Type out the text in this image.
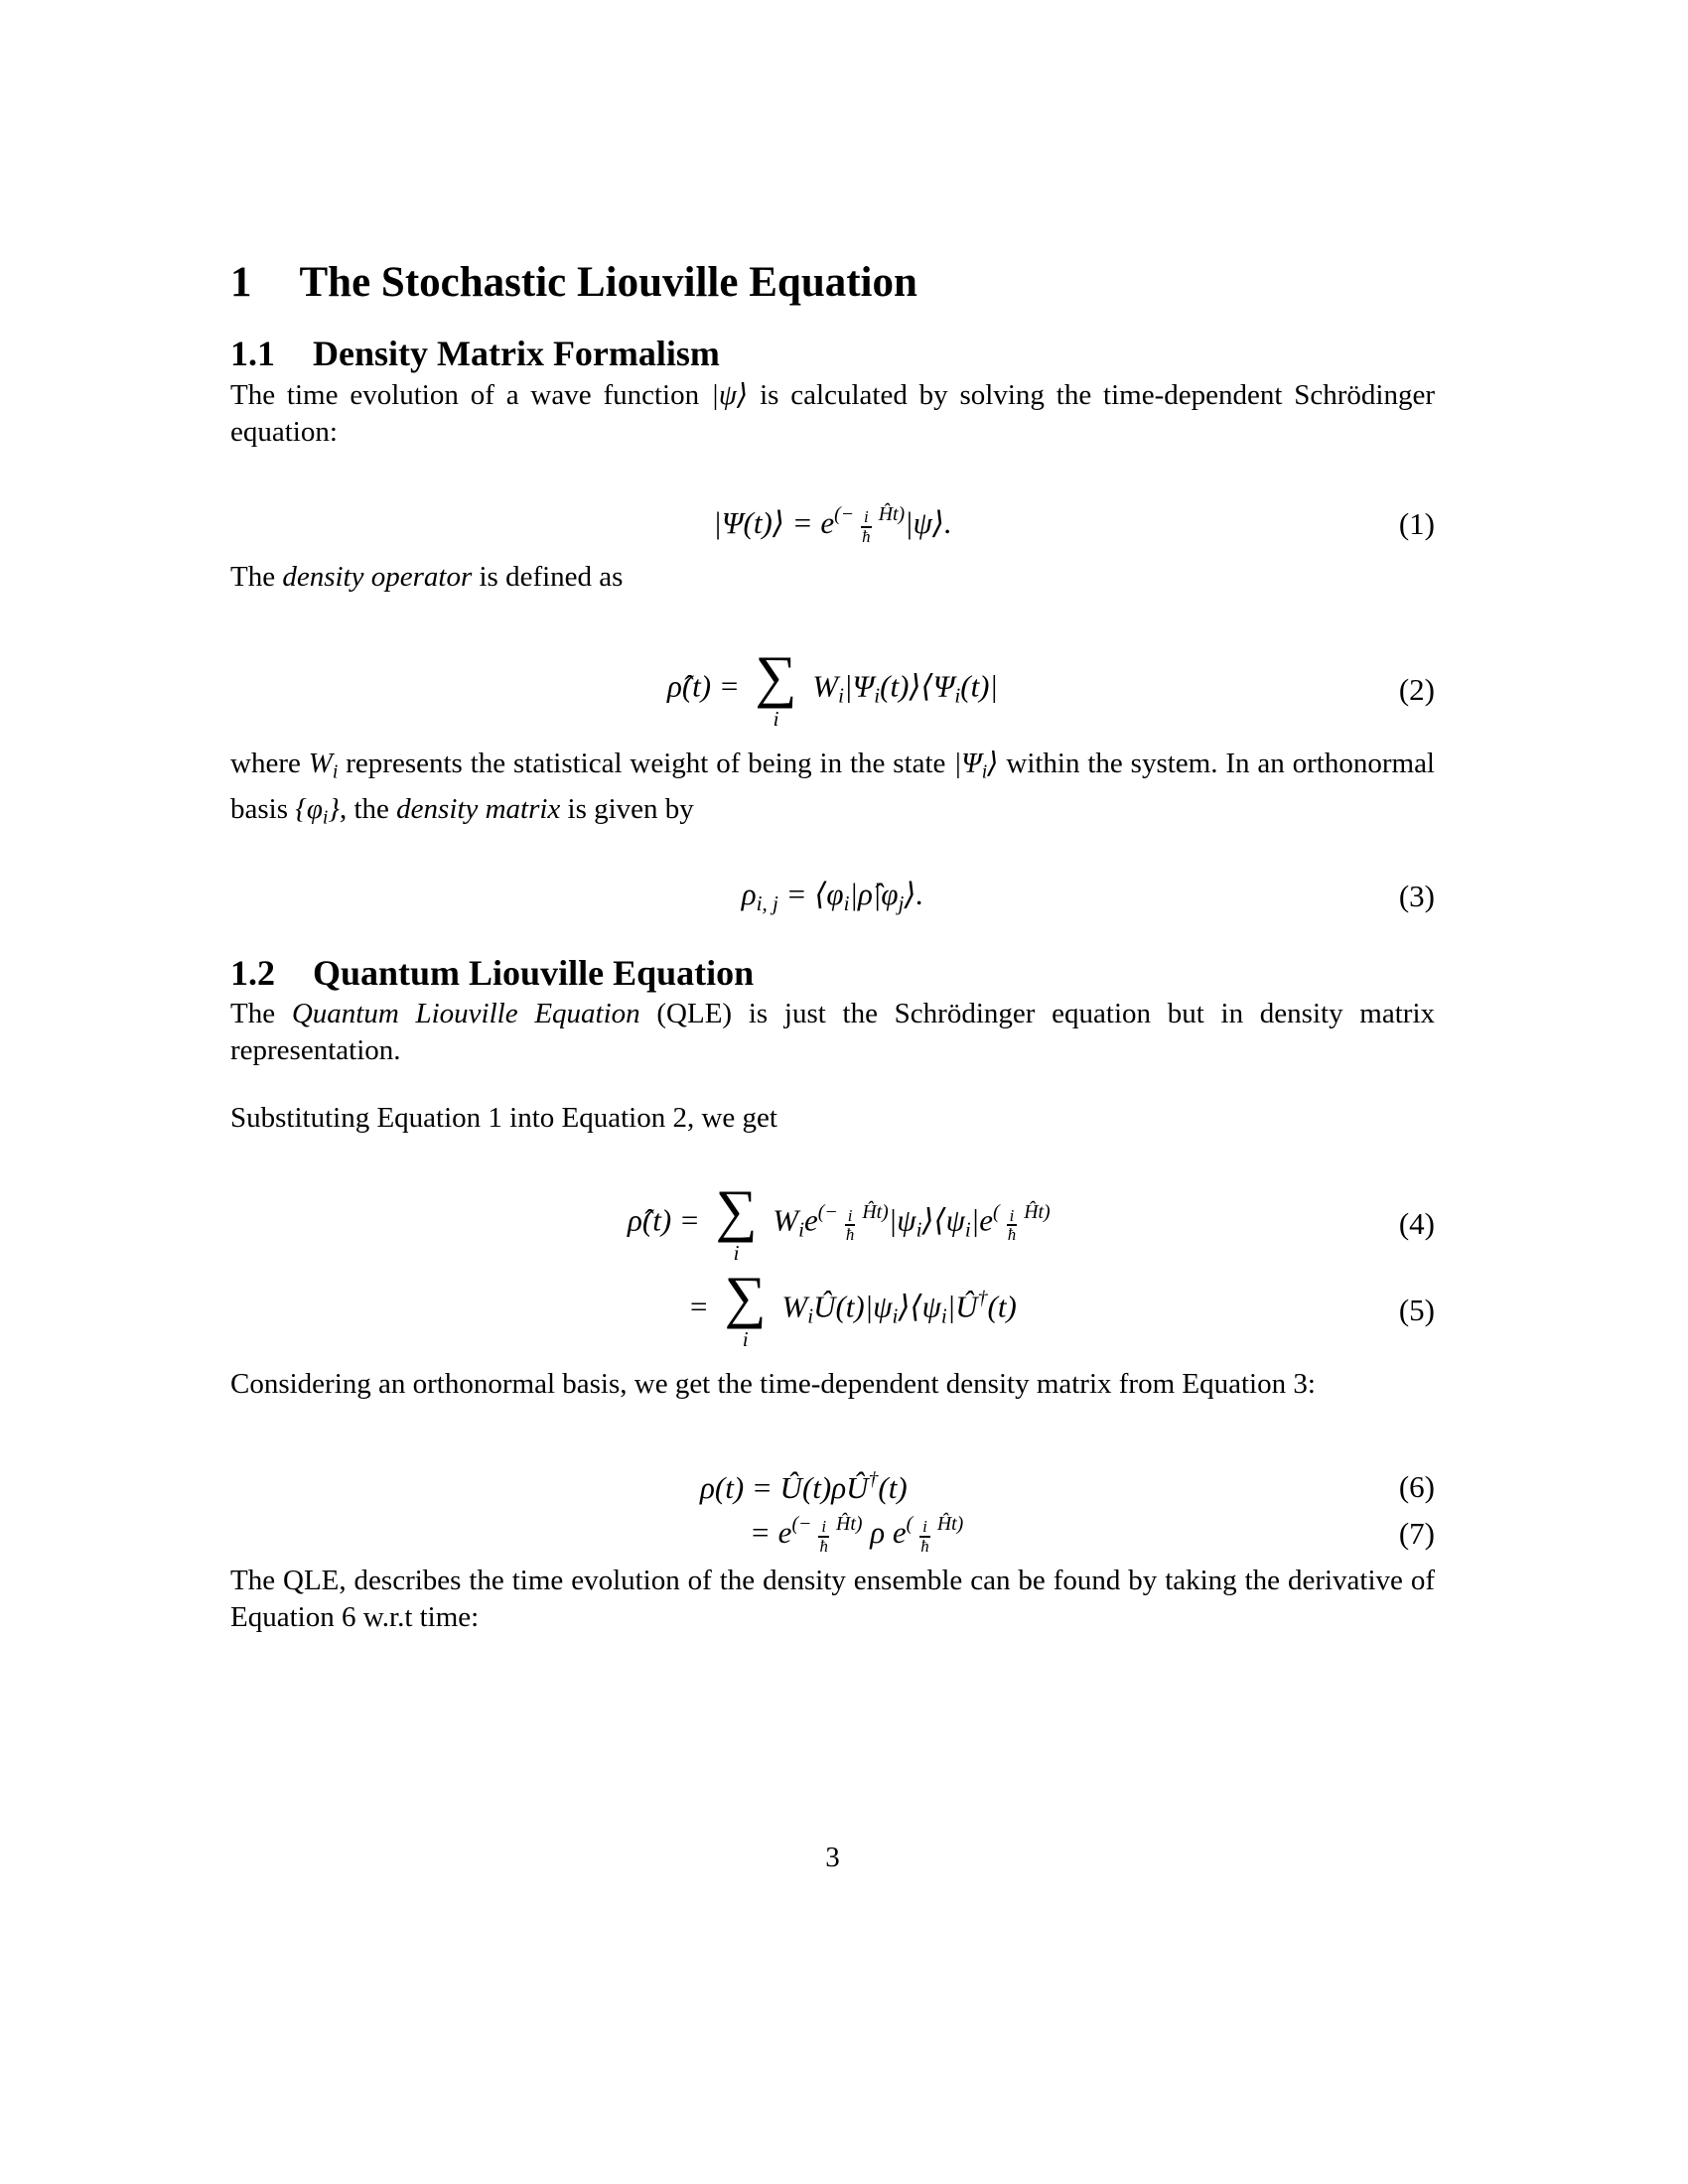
1 The Stochastic Liouville Equation
1.1 Density Matrix Formalism
The time evolution of a wave function |ψ⟩ is calculated by solving the time-dependent Schrödinger equation:
|Ψ(t)⟩ = $e^{(- \frac{i}{ħ} Ĥt)}|\psi⟩$.	(1)
The density operator is defined as
ρ̂(t) = ∑
i
$W_i|\Psi_i(t)⟩⟨\Psi_i(t)|$	(2)
where $W_i$ represents the statistical weight of being in the state $|\Psi_i⟩$ within the system. In an orthonormal basis $\{\varphi_i\}$, the density matrix is given by
$\rho_{i, j}$ = $⟨\varphi_i|\rhô|\varphi_j⟩$.	(3)
1.2 Quantum Liouville Equation
The Quantum Liouville Equation (QLE) is just the Schrödinger equation but in density matrix representation.
Substituting Equation 1 into Equation 2, we get
ρ̂(t) = ∑
i
$W_ie^{(- \frac{i}{ħ} Ĥt)}|\psi_i⟩⟨\psi_i|e^{( \frac{i}{ħ} Ĥt)}$	(4)
= ∑
i
$W_iÛ(t)|\psi_i⟩⟨\psi_i|Û^\dagger(t)$	(5)
Considering an orthonormal basis, we get the time-dependent density matrix from Equation 3:
ρ(t) = Û(t)ρÛ†(t)	(6)
= $e^{(- \frac{i}{ħ} Ĥt)}$ ρ $e^{( \frac{i}{ħ} Ĥt)}$	(7)
The QLE, describes the time evolution of the density ensemble can be found by taking the derivative of Equation 6 w.r.t time:
3
